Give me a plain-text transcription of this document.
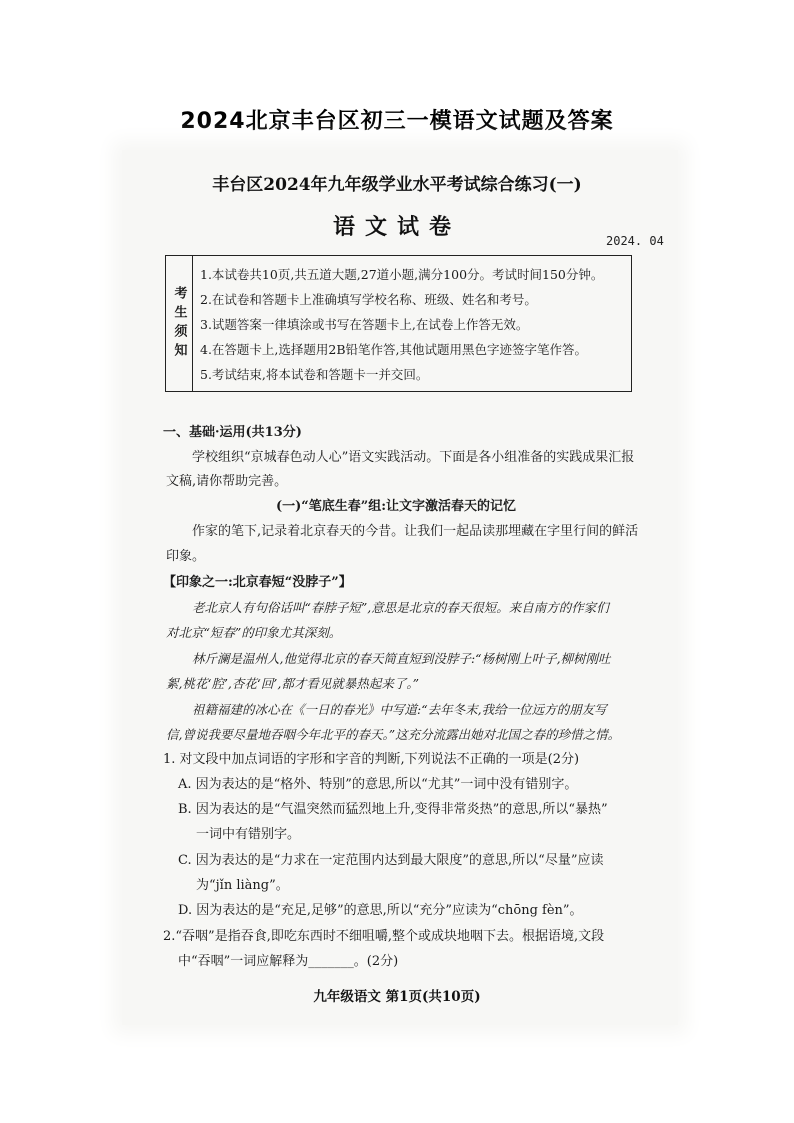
2024北京丰台区初三一模语文试题及答案
丰台区2024年九年级学业水平考试综合练习(一)
语文试卷
2024. 04
考生须知
1.本试卷共10页,共五道大题,27道小题,满分100分。考试时间150分钟。
2.在试卷和答题卡上准确填写学校名称、班级、姓名和考号。
3.试题答案一律填涂或书写在答题卡上,在试卷上作答无效。
4.在答题卡上,选择题用2B铅笔作答,其他试题用黑色字迹签字笔作答。
5.考试结束,将本试卷和答题卡一并交回。
一、基础·运用(共13分)
学校组织“京城春色动人心”语文实践活动。下面是各小组准备的实践成果汇报
文稿,请你帮助完善。
(一)“笔底生春”组:让文字激活春天的记忆
作家的笔下,记录着北京春天的今昔。让我们一起品读那埋藏在字里行间的鲜活
印象。
【印象之一:北京春短“没脖子”】
老北京人有句俗话叫“春脖子短”,意思是北京的春天很短。来自南方的作家们
对北京“短春”的印象尤其深刻。
林斤澜是温州人,他觉得北京的春天简直短到没脖子:“杨树刚上叶子,柳树刚吐
絮,桃花‘腔’,杏花‘回’,都才看见就暴热起来了。”
祖籍福建的冰心在《一日的春光》中写道:“去年冬末,我给一位远方的朋友写
信,曾说我要尽量地吞咽今年北平的春天。”这充分流露出她对北国之春的珍惜之情。
1. 对文段中加点词语的字形和字音的判断,下列说法不正确的一项是(2分)
A. 因为表达的是“格外、特别”的意思,所以“尤其”一词中没有错别字。
B. 因为表达的是“气温突然而猛烈地上升,变得非常炎热”的意思,所以“暴热”
一词中有错别字。
C. 因为表达的是“力求在一定范围内达到最大限度”的意思,所以“尽量”应读
为“jǐn liàng”。
D. 因为表达的是“充足,足够”的意思,所以“充分”应读为“chōng fèn”。
2.“吞咽”是指吞食,即吃东西时不细咀嚼,整个或成块地咽下去。根据语境,文段
中“吞咽”一词应解释为_______。(2分)
九年级语文 第1页(共10页)
